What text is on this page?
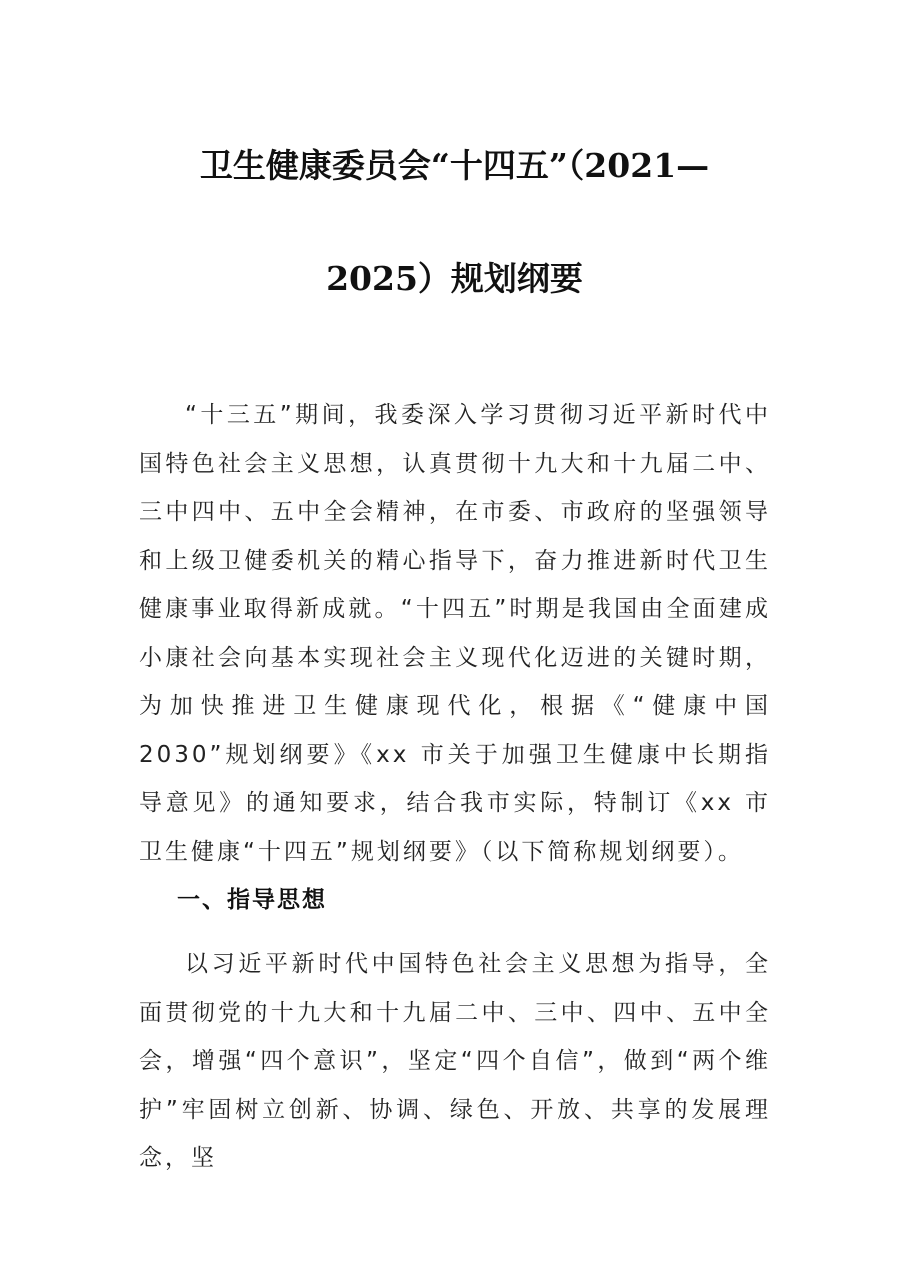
卫生健康委员会“十四五”（2021—
2025）规划纲要

“十三五”期间，我委深入学习贯彻习近平新时代中国特色社会主义思想，认真贯彻十九大和十九届二中、三中四中、五中全会精神，在市委、市政府的坚强领导和上级卫健委机关的精心指导下，奋力推进新时代卫生健康事业取得新成就。“十四五”时期是我国由全面建成小康社会向基本实现社会主义现代化迈进的关键时期，为加快推进卫生健康现代化，根据《“健康中国 2030”规划纲要》《xx 市关于加强卫生健康中长期指导意见》的通知要求，结合我市实际，特制订《xx 市卫生健康“十四五”规划纲要》（以下简称规划纲要）。

一、指导思想

以习近平新时代中国特色社会主义思想为指导，全面贯彻党的十九大和十九届二中、三中、四中、五中全会，增强“四个意识”，坚定“四个自信”，做到“两个维护”牢固树立创新、协调、绿色、开放、共享的发展理念，坚
